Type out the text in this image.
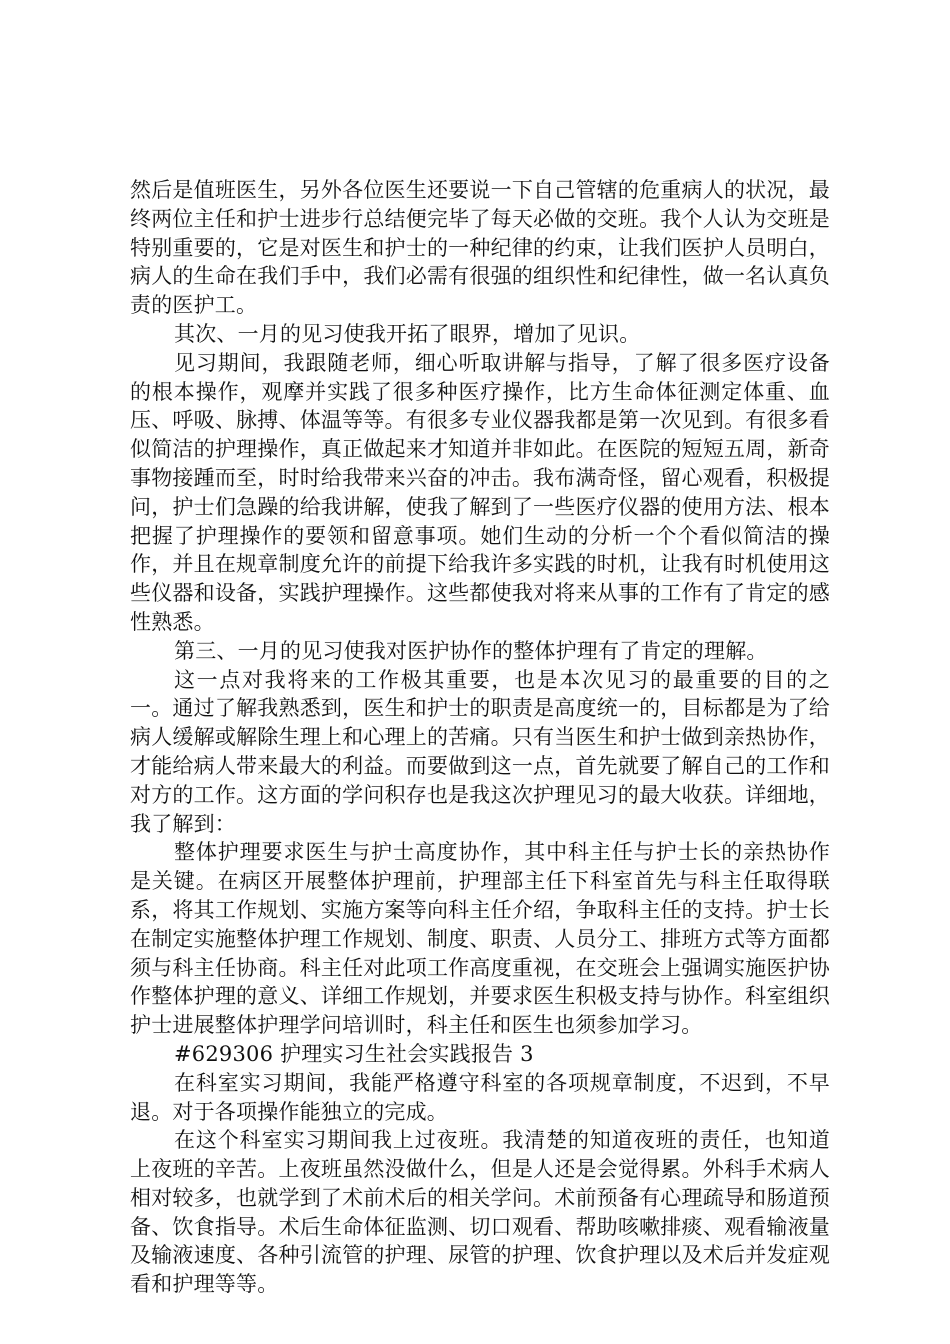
然后是值班医生，另外各位医生还要说一下自己管辖的危重病人的状况，最终两位主任和护士进步行总结便完毕了每天必做的交班。我个人认为交班是特别重要的，它是对医生和护士的一种纪律的约束，让我们医护人员明白，病人的生命在我们手中，我们必需有很强的组织性和纪律性，做一名认真负责的医护工。

其次、一月的见习使我开拓了眼界，增加了见识。

见习期间，我跟随老师，细心听取讲解与指导，了解了很多医疗设备的根本操作，观摩并实践了很多种医疗操作，比方生命体征测定体重、血压、呼吸、脉搏、体温等等。有很多专业仪器我都是第一次见到。有很多看似简洁的护理操作，真正做起来才知道并非如此。在医院的短短五周，新奇事物接踵而至，时时给我带来兴奋的冲击。我布满奇怪，留心观看，积极提问，护士们急躁的给我讲解，使我了解到了一些医疗仪器的使用方法、根本把握了护理操作的要领和留意事项。她们生动的分析一个个看似简洁的操作，并且在规章制度允许的前提下给我许多实践的时机，让我有时机使用这些仪器和设备，实践护理操作。这些都使我对将来从事的工作有了肯定的感性熟悉。

第三、一月的见习使我对医护协作的整体护理有了肯定的理解。

这一点对我将来的工作极其重要，也是本次见习的最重要的目的之一。通过了解我熟悉到，医生和护士的职责是高度统一的，目标都是为了给病人缓解或解除生理上和心理上的苦痛。只有当医生和护士做到亲热协作，才能给病人带来最大的利益。而要做到这一点，首先就要了解自己的工作和对方的工作。这方面的学问积存也是我这次护理见习的最大收获。详细地，我了解到：

整体护理要求医生与护士高度协作，其中科主任与护士长的亲热协作是关键。在病区开展整体护理前，护理部主任下科室首先与科主任取得联系，将其工作规划、实施方案等向科主任介绍，争取科主任的支持。护士长在制定实施整体护理工作规划、制度、职责、人员分工、排班方式等方面都须与科主任协商。科主任对此项工作高度重视，在交班会上强调实施医护协作整体护理的意义、详细工作规划，并要求医生积极支持与协作。科室组织护士进展整体护理学问培训时，科主任和医生也须参加学习。

#629306 护理实习生社会实践报告 3

在科室实习期间，我能严格遵守科室的各项规章制度，不迟到，不早退。对于各项操作能独立的完成。

在这个科室实习期间我上过夜班。我清楚的知道夜班的责任，也知道上夜班的辛苦。上夜班虽然没做什么，但是人还是会觉得累。外科手术病人相对较多，也就学到了术前术后的相关学问。术前预备有心理疏导和肠道预备、饮食指导。术后生命体征监测、切口观看、帮助咳嗽排痰、观看输液量及输液速度、各种引流管的护理、尿管的护理、饮食护理以及术后并发症观看和护理等等。
